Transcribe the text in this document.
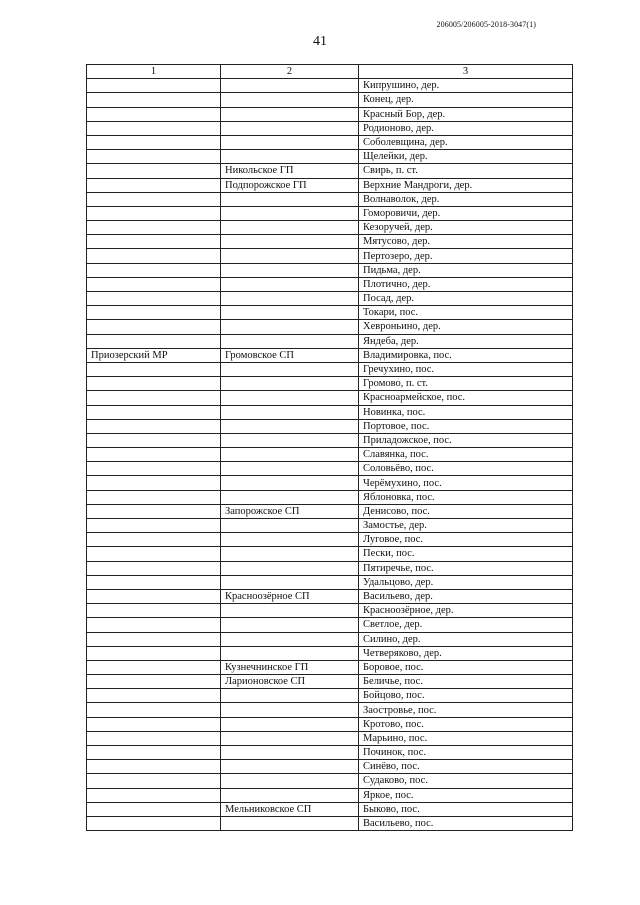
206005/206005-2018-3047(1)
41
1	2	3
		Кипрушино, дер.
		Конец, дер.
		Красный Бор, дер.
		Родионово, дер.
		Соболевщина, дер.
		Щелейки, дер.
	Никольское ГП	Свирь, п. ст.
	Подпорожское ГП	Верхние Мандроги, дер.
		Волнаволок, дер.
		Гоморовичи, дер.
		Кезоручей, дер.
		Мятусово, дер.
		Пертозеро, дер.
		Пидьма, дер.
		Плотично, дер.
		Посад, дер.
		Токари, пос.
		Хевроньино, дер.
		Яндеба, дер.
Приозерский МР	Громовское СП	Владимировка, пос.
		Гречухино, пос.
		Громово, п. ст.
		Красноармейское, пос.
		Новинка, пос.
		Портовое, пос.
		Приладожское, пос.
		Славянка, пос.
		Соловьёво, пос.
		Черёмухино, пос.
		Яблоновка, пос.
	Запорожское СП	Денисово, пос.
		Замостье, дер.
		Луговое, пос.
		Пески, пос.
		Пятиречье, пос.
		Удальцово, дер.
	Красноозёрное СП	Васильево, дер.
		Красноозёрное, дер.
		Светлое, дер.
		Силино, дер.
		Четверяково, дер.
	Кузнечнинское ГП	Боровое, пос.
	Ларионовское СП	Беличье, пос.
		Бойцово, пос.
		Заостровье, пос.
		Кротово, пос.
		Марьино, пос.
		Починок, пос.
		Синёво, пос.
		Судаково, пос.
		Яркое, пос.
	Мельниковское СП	Быково, пос.
		Васильево, пос.
